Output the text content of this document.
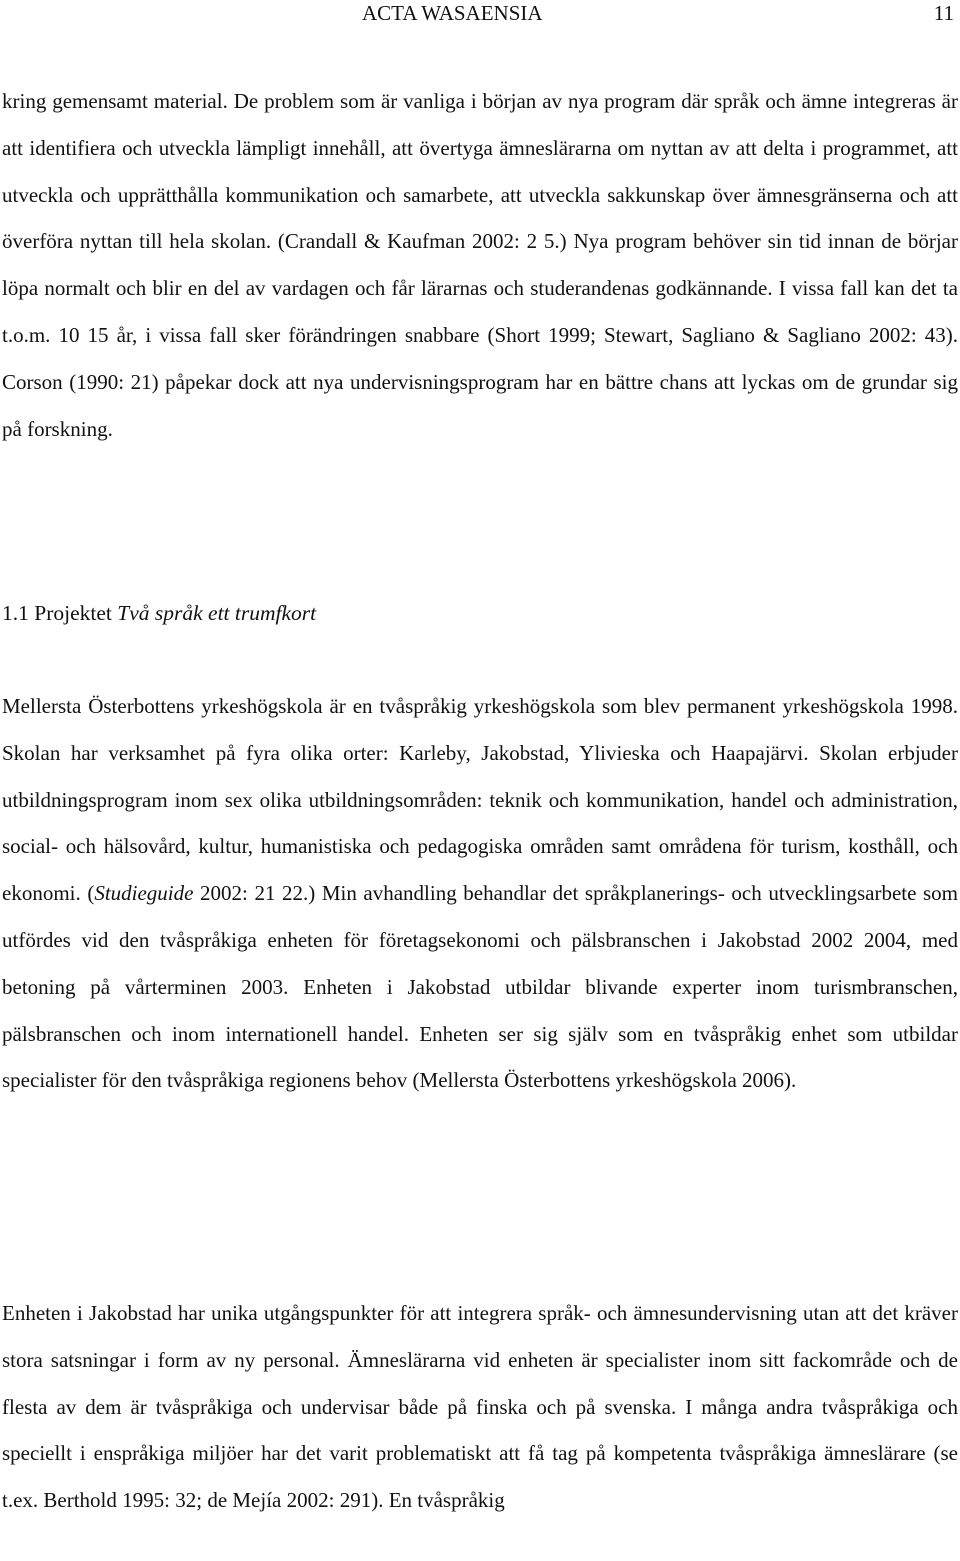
ACTA WASAENSIA	11

kring gemensamt material. De problem som är vanliga i början av nya program där språk och ämne integreras är att identifiera och utveckla lämpligt innehåll, att övertyga ämneslärarna om nyttan av att delta i programmet, att utveckla och upprätthålla kommunikation och samarbete, att utveckla sakkunskap över ämnesgränserna och att överföra nyttan till hela skolan. (Crandall & Kaufman 2002: 2 5.) Nya program behöver sin tid innan de börjar löpa normalt och blir en del av vardagen och får lärarnas och studerandenas godkännande. I vissa fall kan det ta t.o.m. 10 15 år, i vissa fall sker förändringen snabbare (Short 1999; Stewart, Sagliano & Sagliano 2002: 43). Corson (1990: 21) påpekar dock att nya undervisningsprogram har en bättre chans att lyckas om de grundar sig på forskning.

1.1 Projektet Två språk ett trumfkort

Mellersta Österbottens yrkeshögskola är en tvåspråkig yrkeshögskola som blev permanent yrkeshögskola 1998. Skolan har verksamhet på fyra olika orter: Karleby, Jakobstad, Ylivieska och Haapajärvi. Skolan erbjuder utbildningsprogram inom sex olika utbildningsområden: teknik och kommunikation, handel och administration, social- och hälsovård, kultur, humanistiska och pedagogiska områden samt områdena för turism, kosthåll, och ekonomi. (Studieguide 2002: 21 22.) Min avhandling behandlar det språkplanerings- och utvecklingsarbete som utfördes vid den tvåspråkiga enheten för företagsekonomi och pälsbranschen i Jakobstad 2002 2004, med betoning på vårterminen 2003. Enheten i Jakobstad utbildar blivande experter inom turismbranschen, pälsbranschen och inom internationell handel. Enheten ser sig själv som en tvåspråkig enhet som utbildar specialister för den tvåspråkiga regionens behov (Mellersta Österbottens yrkeshögskola 2006).

Enheten i Jakobstad har unika utgångspunkter för att integrera språk- och ämnesundervisning utan att det kräver stora satsningar i form av ny personal. Ämneslärarna vid enheten är specialister inom sitt fackområde och de flesta av dem är tvåspråkiga och undervisar både på finska och på svenska. I många andra tvåspråkiga och speciellt i enspråkiga miljöer har det varit problematiskt att få tag på kompetenta tvåspråkiga ämneslärare (se t.ex. Berthold 1995: 32; de Mejía 2002: 291). En tvåspråkig
